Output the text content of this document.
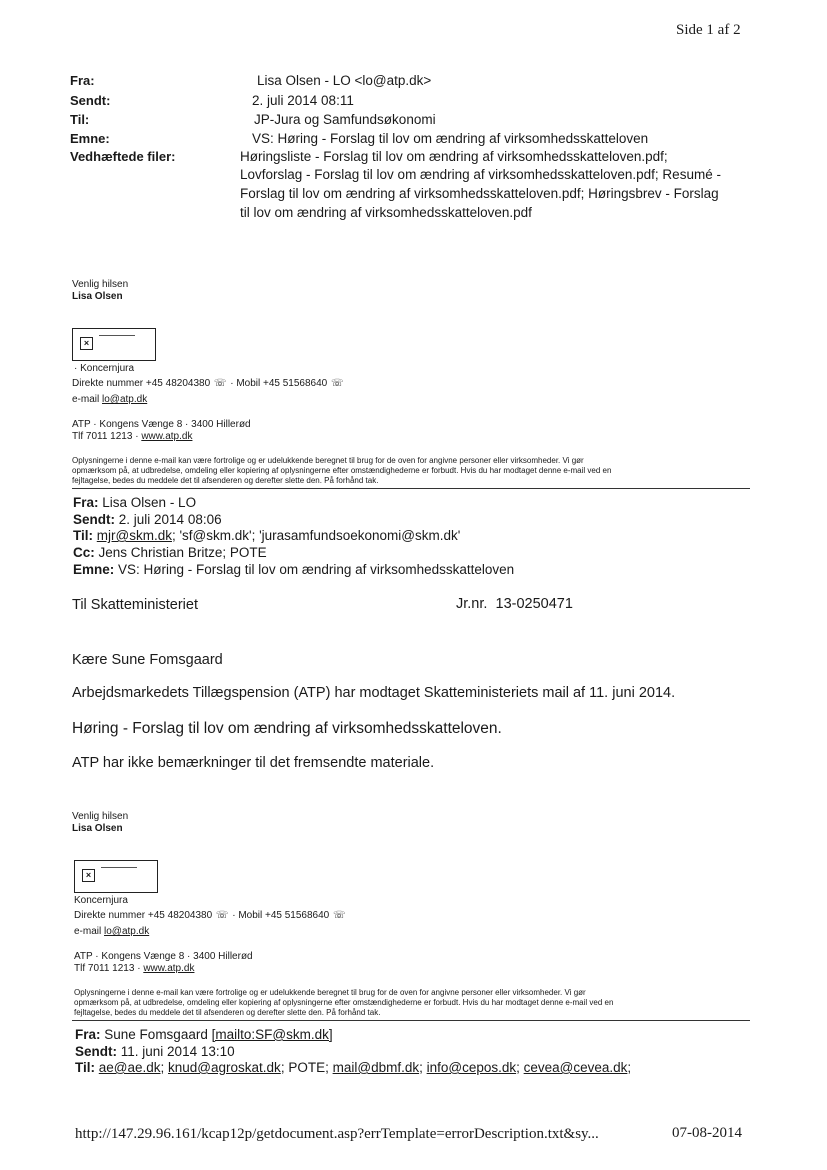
Side 1 af 2
Fra:	Lisa Olsen - LO <lo@atp.dk>
Sendt:	2. juli 2014 08:11
Til:	JP-Jura og Samfundsøkonomi
Emne:	VS: Høring - Forslag til lov om ændring af virksomhedsskatteloven
Vedhæftede filer:	Høringsliste - Forslag til lov om ændring af virksomhedsskatteloven.pdf;
Lovforslag - Forslag til lov om ændring af virksomhedsskatteloven.pdf; Resumé -
Forslag til lov om ændring af virksomhedsskatteloven.pdf; Høringsbrev - Forslag
til lov om ændring af virksomhedsskatteloven.pdf
Venlig hilsen
Lisa Olsen
×
· Koncernjura
Direkte nummer +45 48204380 ☏ · Mobil +45 51568640 ☏
e-mail lo@atp.dk
ATP · Kongens Vænge 8 · 3400 Hillerød
Tlf 7011 1213 · www.atp.dk
Oplysningerne i denne e-mail kan være fortrolige og er udelukkende beregnet til brug for de oven for angivne personer eller virksomheder. Vi gør
opmærksom på, at udbredelse, omdeling eller kopiering af oplysningerne efter omstændighederne er forbudt. Hvis du har modtaget denne e-mail ved en
fejltagelse, bedes du meddele det til afsenderen og derefter slette den. På forhånd tak.
Fra: Lisa Olsen - LO
Sendt: 2. juli 2014 08:06
Til: mjr@skm.dk; 'sf@skm.dk'; 'jurasamfundsoekonomi@skm.dk'
Cc: Jens Christian Britze; POTE
Emne: VS: Høring - Forslag til lov om ændring af virksomhedsskatteloven
Til Skatteministeriet	Jr.nr. 13-0250471
Kære Sune Fomsgaard
Arbejdsmarkedets Tillægspension (ATP) har modtaget Skatteministeriets mail af 11. juni 2014.
Høring - Forslag til lov om ændring af virksomhedsskatteloven.
ATP har ikke bemærkninger til det fremsendte materiale.
Venlig hilsen
Lisa Olsen
×
Koncernjura
Direkte nummer +45 48204380 ☏ · Mobil +45 51568640 ☏
e-mail lo@atp.dk
ATP · Kongens Vænge 8 · 3400 Hillerød
Tlf 7011 1213 · www.atp.dk
Oplysningerne i denne e-mail kan være fortrolige og er udelukkende beregnet til brug for de oven for angivne personer eller virksomheder. Vi gør
opmærksom på, at udbredelse, omdeling eller kopiering af oplysningerne efter omstændighederne er forbudt. Hvis du har modtaget denne e-mail ved en
fejltagelse, bedes du meddele det til afsenderen og derefter slette den. På forhånd tak.
Fra: Sune Fomsgaard [mailto:SF@skm.dk]
Sendt: 11. juni 2014 13:10
Til: ae@ae.dk; knud@agroskat.dk; POTE; mail@dbmf.dk; info@cepos.dk; cevea@cevea.dk;
http://147.29.96.161/kcap12p/getdocument.asp?errTemplate=errorDescription.txt&sy...	07-08-2014
